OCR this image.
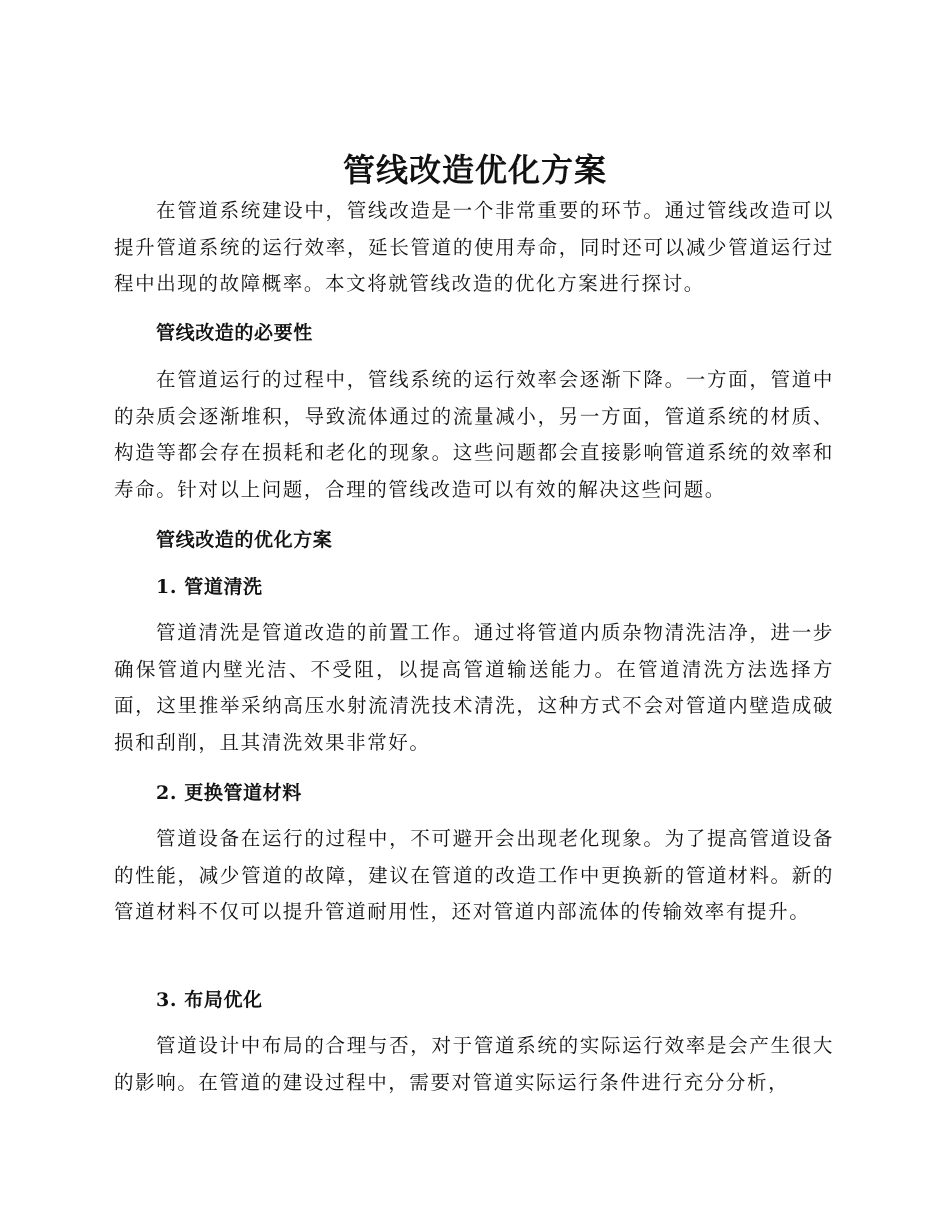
管线改造优化方案

在管道系统建设中，管线改造是一个非常重要的环节。通过管线改造可以提升管道系统的运行效率，延长管道的使用寿命，同时还可以减少管道运行过程中出现的故障概率。本文将就管线改造的优化方案进行探讨。

管线改造的必要性

在管道运行的过程中，管线系统的运行效率会逐渐下降。一方面，管道中的杂质会逐渐堆积，导致流体通过的流量减小，另一方面，管道系统的材质、构造等都会存在损耗和老化的现象。这些问题都会直接影响管道系统的效率和寿命。针对以上问题，合理的管线改造可以有效的解决这些问题。

管线改造的优化方案
1. 管道清洗

管道清洗是管道改造的前置工作。通过将管道内质杂物清洗洁净，进一步确保管道内壁光洁、不受阻，以提高管道输送能力。在管道清洗方法选择方面，这里推举采纳高压水射流清洗技术清洗，这种方式不会对管道内壁造成破损和刮削，且其清洗效果非常好。

2. 更换管道材料

管道设备在运行的过程中，不可避开会出现老化现象。为了提高管道设备的性能，减少管道的故障，建议在管道的改造工作中更换新的管道材料。新的管道材料不仅可以提升管道耐用性，还对管道内部流体的传输效率有提升。

3. 布局优化

管道设计中布局的合理与否，对于管道系统的实际运行效率是会产生很大的影响。在管道的建设过程中，需要对管道实际运行条件进行充分分析，
